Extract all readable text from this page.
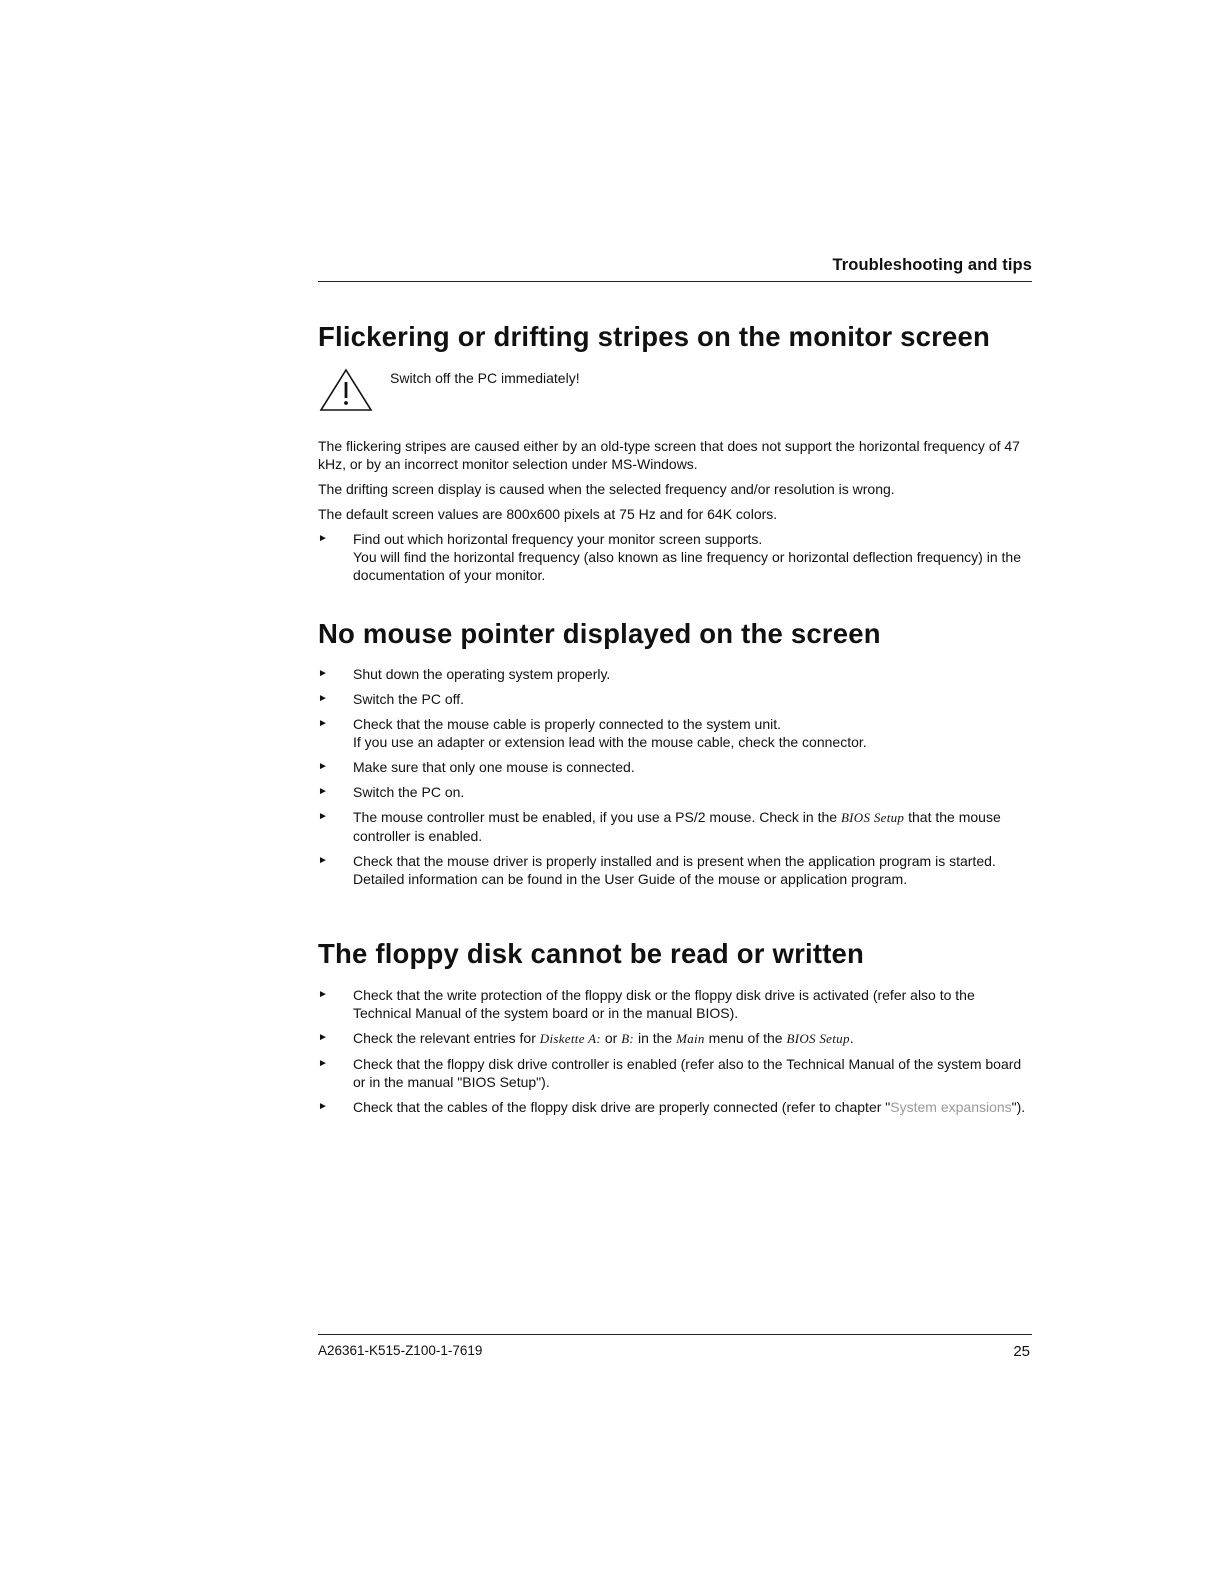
Troubleshooting and tips
Flickering or drifting stripes on the monitor screen
Switch off the PC immediately!

The flickering stripes are caused either by an old-type screen that does not support the horizontal frequency of 47 kHz, or by an incorrect monitor selection under MS-Windows.

The drifting screen display is caused when the selected frequency and/or resolution is wrong.

The default screen values are 800x600 pixels at 75 Hz and for 64K colors.

► Find out which horizontal frequency your monitor screen supports.
You will find the horizontal frequency (also known as line frequency or horizontal deflection frequency) in the documentation of your monitor.
No mouse pointer displayed on the screen
► Shut down the operating system properly.
► Switch the PC off.
► Check that the mouse cable is properly connected to the system unit.
If you use an adapter or extension lead with the mouse cable, check the connector.
► Make sure that only one mouse is connected.
► Switch the PC on.
► The mouse controller must be enabled, if you use a PS/2 mouse. Check in the BIOS Setup that the mouse controller is enabled.
► Check that the mouse driver is properly installed and is present when the application program is started. Detailed information can be found in the User Guide of the mouse or application program.
The floppy disk cannot be read or written
► Check that the write protection of the floppy disk or the floppy disk drive is activated (refer also to the Technical Manual of the system board or in the manual BIOS).
► Check the relevant entries for Diskette A: or B: in the Main menu of the BIOS Setup.
► Check that the floppy disk drive controller is enabled (refer also to the Technical Manual of the system board or in the manual "BIOS Setup").
► Check that the cables of the floppy disk drive are properly connected (refer to chapter "System expansions").
A26361-K515-Z100-1-7619	25
